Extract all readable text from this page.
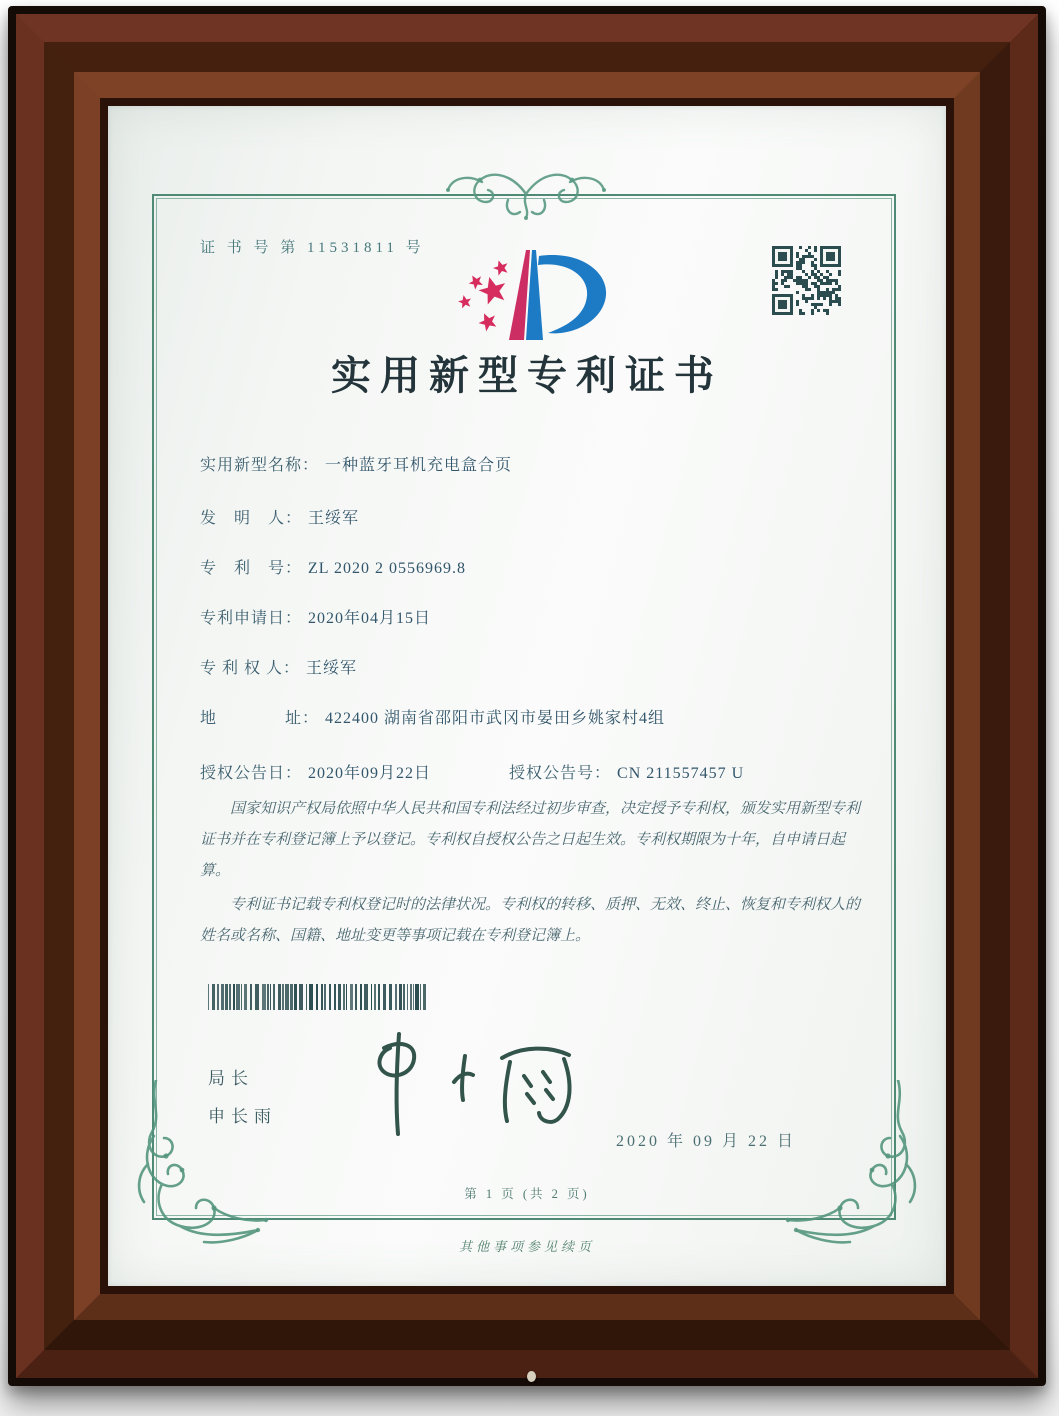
证 书 号 第 11531811 号
实用新型专利证书
实用新型名称： 一种蓝牙耳机充电盒合页
发　明　人： 王绥军
专　利　号： ZL 2020 2 0556969.8
专利申请日： 2020年04月15日
专 利 权 人： 王绥军
地　　　　址： 422400 湖南省邵阳市武冈市晏田乡姚家村4组
授权公告日： 2020年09月22日	授权公告号： CN 211557457 U

国家知识产权局依照中华人民共和国专利法经过初步审查，决定授予专利权，颁发实用新型专利证书并在专利登记簿上予以登记。专利权自授权公告之日起生效。专利权期限为十年，自申请日起算。

专利证书记载专利权登记时的法律状况。专利权的转移、质押、无效、终止、恢复和专利权人的姓名或名称、国籍、地址变更等事项记载在专利登记簿上。

局长
申长雨
2020 年 09 月 22 日
第 1 页 (共 2 页)
其他事项参见续页
